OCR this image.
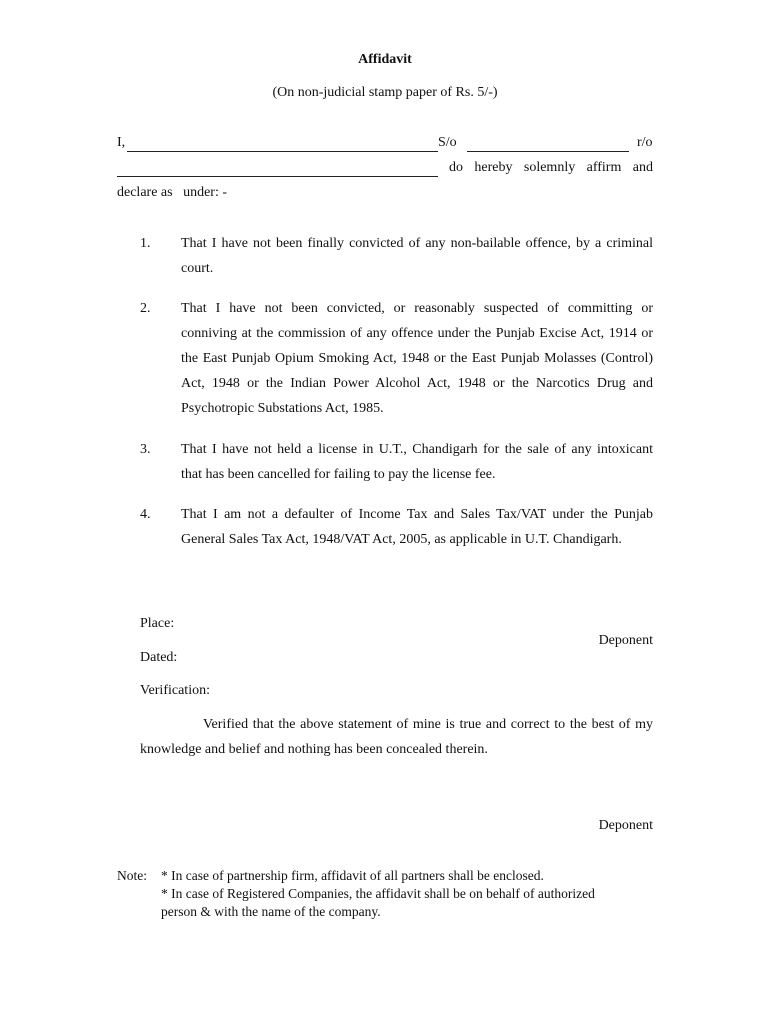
Affidavit
(On non-judicial stamp paper of Rs. 5/-)
I,	S/o	r/o
do hereby solemnly affirm and
declare as   under: -
1. That I have not been finally convicted of any non-bailable offence, by a criminal
court.
2. That I have not been convicted, or reasonably suspected of committing or
conniving at the commission of any offence under the Punjab Excise Act, 1914 or
the East Punjab Opium Smoking Act, 1948 or the East Punjab Molasses (Control)
Act, 1948 or the Indian Power Alcohol Act, 1948 or the Narcotics Drug and
Psychotropic Substations Act, 1985.
3. That I have not held a license in U.T., Chandigarh for the sale of any intoxicant
that has been cancelled for failing to pay the license fee.
4. That I am not a defaulter of Income Tax and Sales Tax/VAT under the Punjab
General Sales Tax Act, 1948/VAT Act, 2005, as applicable in U.T. Chandigarh.
Place:
Deponent
Dated:
Verification:
Verified that the above statement of mine is true and correct to the best of my
knowledge and belief and nothing has been concealed therein.
Deponent
Note: * In case of partnership firm, affidavit of all partners shall be enclosed.
* In case of Registered Companies, the affidavit shall be on behalf of authorized
person & with the name of the company.
